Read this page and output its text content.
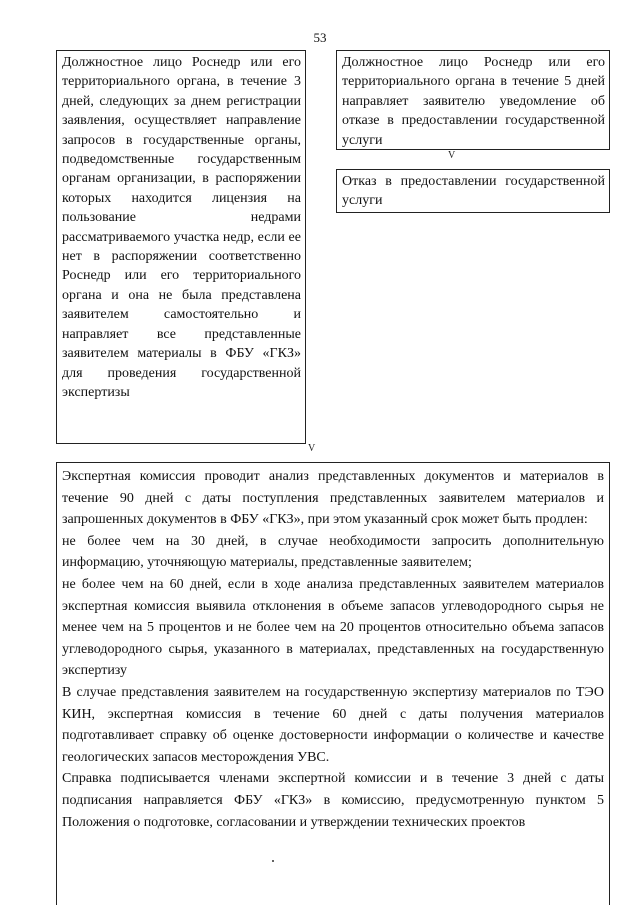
53

Должностное лицо Роснедр или его территориального органа, в течение 3 дней, следующих за днем регистрации заявления, осуществляет направление запросов в государственные органы, подведомственные государственным органам организации, в распоряжении которых находится лицензия на пользование недрами рассматриваемого участка недр, если ее нет в распоряжении соответственно Роснедр или его территориального органа и она не была представлена заявителем самостоятельно и направляет все представленные заявителем материалы в ФБУ «ГКЗ» для проведения государственной экспертизы

Должностное лицо Роснедр или его территориального органа в течение 5 дней направляет заявителю уведомление об отказе в предоставлении государственной услуги

V

Отказ в предоставлении государственной услуги

V

Экспертная комиссия проводит анализ представленных документов и материалов в течение 90 дней с даты поступления представленных заявителем материалов и запрошенных документов в ФБУ «ГКЗ», при этом указанный срок может быть продлен:

не более чем на 30 дней, в случае необходимости запросить дополнительную информацию, уточняющую материалы, представленные заявителем;

не более чем на 60 дней, если в ходе анализа представленных заявителем материалов экспертная комиссия выявила отклонения в объеме запасов углеводородного сырья не менее чем на 5 процентов и не более чем на 20 процентов относительно объема запасов углеводородного сырья, указанного в материалах, представленных на государственную экспертизу

В случае представления заявителем на государственную экспертизу материалов по ТЭО КИН, экспертная комиссия в течение 60 дней с даты получения материалов подготавливает справку об оценке достоверности информации о количестве и качестве геологических запасов месторождения УВС.

Справка подписывается членами экспертной комиссии и в течение 3 дней с даты подписания направляется ФБУ «ГКЗ» в комиссию, предусмотренную пунктом 5 Положения о подготовке, согласовании и утверждении технических проектов
